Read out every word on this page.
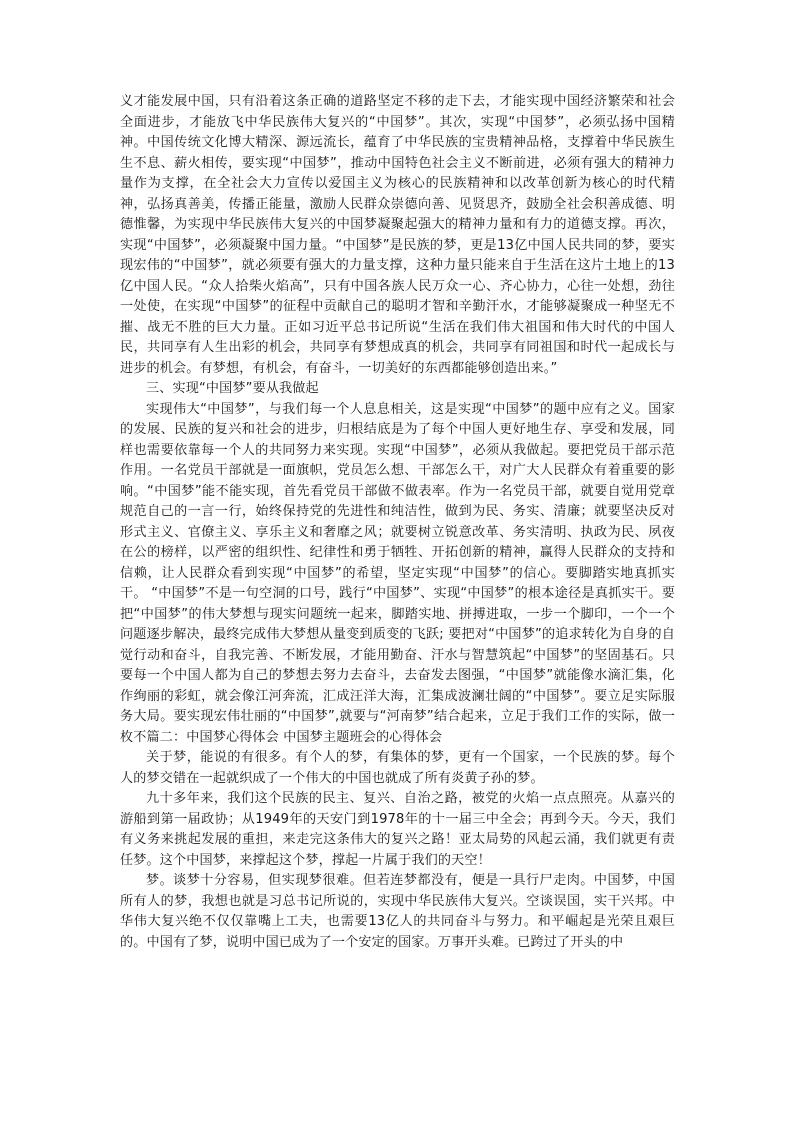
义才能发展中国，只有沿着这条正确的道路坚定不移的走下去，才能实现中国经济繁荣和社会全面进步，才能放飞中华民族伟大复兴的“中国梦”。其次，实现“中国梦”，必须弘扬中国精神。中国传统文化博大精深、源远流长，蕴育了中华民族的宝贵精神品格，支撑着中华民族生生不息、薪火相传，要实现“中国梦”，推动中国特色社会主义不断前进，必须有强大的精神力量作为支撑，在全社会大力宣传以爱国主义为核心的民族精神和以改革创新为核心的时代精神，弘扬真善美，传播正能量，激励人民群众崇德向善、见贤思齐，鼓励全社会积善成德、明德惟馨，为实现中华民族伟大复兴的中国梦凝聚起强大的精神力量和有力的道德支撑。再次，实现“中国梦”，必须凝聚中国力量。“中国梦”是民族的梦，更是13亿中国人民共同的梦，要实现宏伟的“中国梦”，就必须要有强大的力量支撑，这种力量只能来自于生活在这片土地上的13亿中国人民。“众人拾柴火焰高”，只有中国各族人民万众一心、齐心协力，心往一处想，劲往一处使，在实现“中国梦”的征程中贡献自己的聪明才智和辛勤汗水，才能够凝聚成一种坚无不摧、战无不胜的巨大力量。正如习近平总书记所说“生活在我们伟大祖国和伟大时代的中国人民，共同享有人生出彩的机会，共同享有梦想成真的机会，共同享有同祖国和时代一起成长与进步的机会。有梦想，有机会，有奋斗，一切美好的东西都能够创造出来。”

三、实现“中国梦”要从我做起

实现伟大“中国梦”，与我们每一个人息息相关，这是实现“中国梦”的题中应有之义。国家的发展、民族的复兴和社会的进步，归根结底是为了每个中国人更好地生存、享受和发展，同样也需要依靠每一个人的共同努力来实现。实现“中国梦”，必须从我做起。要把党员干部示范作用。一名党员干部就是一面旗帜，党员怎么想、干部怎么干，对广大人民群众有着重要的影响。“中国梦”能不能实现，首先看党员干部做不做表率。作为一名党员干部，就要自觉用党章规范自己的一言一行，始终保持党的先进性和纯洁性，做到为民、务实、清廉；就要坚决反对形式主义、官僚主义、享乐主义和奢靡之风；就要树立锐意改革、务实清明、执政为民、夙夜在公的榜样，以严密的组织性、纪律性和勇于牺牲、开拓创新的精神，赢得人民群众的支持和信赖，让人民群众看到实现“中国梦”的希望，坚定实现“中国梦”的信心。要脚踏实地真抓实干。 “中国梦”不是一句空洞的口号，践行“中国梦”、实现“中国梦”的根本途径是真抓实干。要把“中国梦”的伟大梦想与现实问题统一起来，脚踏实地、拼搏进取，一步一个脚印，一个一个问题逐步解决，最终完成伟大梦想从量变到质变的飞跃; 要把对“中国梦”的追求转化为自身的自觉行动和奋斗，自我完善、不断发展，才能用勤奋、汗水与智慧筑起“中国梦”的坚固基石。只要每一个中国人都为自己的梦想去努力去奋斗，去奋发去图强，“中国梦”就能像水滴汇集，化作绚丽的彩虹，就会像江河奔流，汇成汪洋大海，汇集成波澜壮阔的“中国梦”。要立足实际服务大局。要实现宏伟壮丽的“中国梦”,就要与“河南梦”结合起来，立足于我们工作的实际，做一枚不篇二：中国梦心得体会 中国梦主题班会的心得体会

关于梦，能说的有很多。有个人的梦，有集体的梦，更有一个国家，一个民族的梦。每个人的梦交错在一起就织成了一个伟大的中国也就成了所有炎黄子孙的梦。

九十多年来，我们这个民族的民主、复兴、自治之路，被党的火焰一点点照亮。从嘉兴的游船到第一届政协；从1949年的天安门到1978年的十一届三中全会；再到今天。今天，我们有义务来挑起发展的重担，来走完这条伟大的复兴之路！亚太局势的风起云涌，我们就更有责任梦。这个中国梦，来撑起这个梦，撑起一片属于我们的天空！

梦。谈梦十分容易，但实现梦很难。但若连梦都没有，便是一具行尸走肉。中国梦，中国所有人的梦，我想也就是习总书记所说的，实现中华民族伟大复兴。空谈误国，实干兴邦。中华伟大复兴绝不仅仅靠嘴上工夫，也需要13亿人的共同奋斗与努力。和平崛起是光荣且艰巨的。中国有了梦，说明中国已成为了一个安定的国家。万事开头难。已跨过了开头的中
